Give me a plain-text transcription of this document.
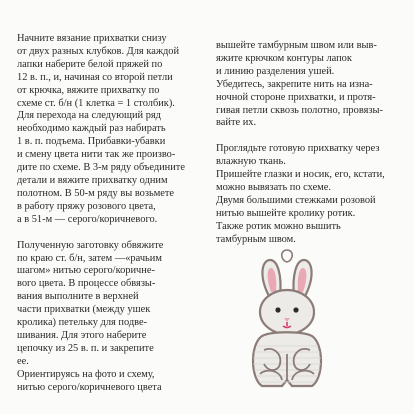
Начните вязание прихватки снизу
от двух разных клубков. Для каждой
лапки наберите белой пряжей по
12 в. п., и, начиная со второй петли
от крючка, вяжите прихватку по
схеме ст. б/н (1 клетка = 1 столбик).
Для перехода на следующий ряд
необходимо каждый раз набирать
1 в. п. подъема. Прибавки-убавки
и смену цвета нити так же произво-
дите по схеме. В 3-м ряду объедините
детали и вяжите прихватку одним
полотном. В 50-м ряду вы возьмете
в работу пряжу розового цвета,
а в 51-м — серого/коричневого.
Полученную заготовку обвяжите
по краю ст. б/н, затем —«рачьим
шагом» нитью серого/коричне-
вого цвета. В процессе обвязы-
вания выполните в верхней
части прихватки (между ушек
кролика) петельку для подве-
шивания. Для этого наберите
цепочку из 25 в. п. и закрепите
ее.
Ориентируясь на фото и схему,
нитью серого/коричневого цвета
вышейте тамбурным швом или выв-
яжите крючком контуры лапок
и линию разделения ушей.
Убедитесь, закрепите нить на изна-
ночной стороне прихватки, и протя-
гивая петли сквозь полотно, провязы-
вайте их.
Проглядьте готовую прихватку через
влажную ткань.
Пришейте глазки и носик, его, кстати,
можно вывязать по схеме.
Двумя большими стежками розовой
нитью вышейте кролику ротик.
Также ротик можно вышить
тамбурным швом.
